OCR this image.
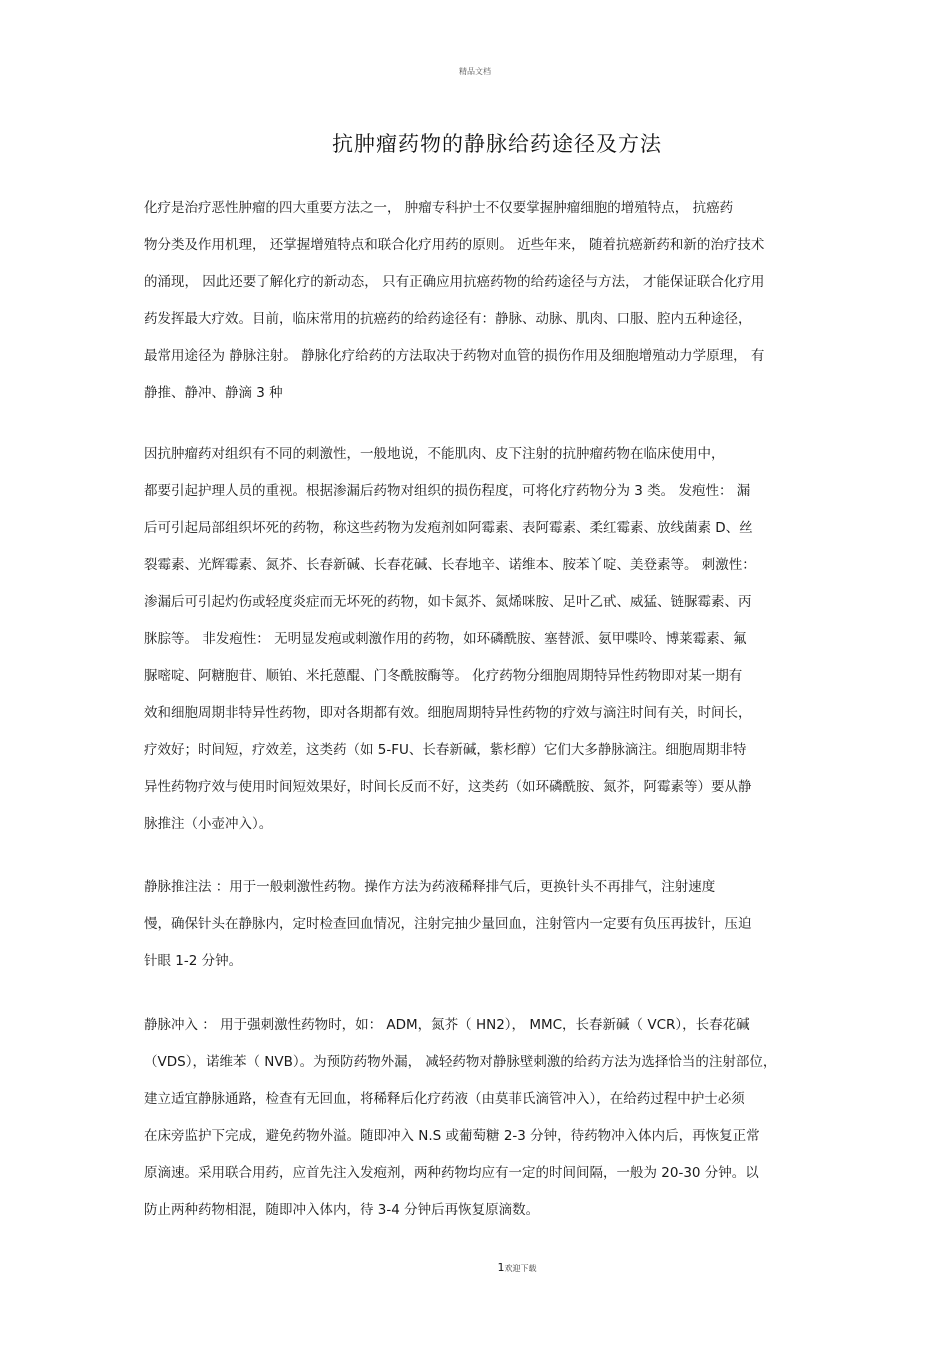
精品文档
抗肿瘤药物的静脉给药途径及方法
化疗是治疗恶性肿瘤的四大重要方法之一， 肿瘤专科护士不仅要掌握肿瘤细胞的增殖特点， 抗癌药
物分类及作用机理， 还掌握增殖特点和联合化疗用药的原则。 近些年来， 随着抗癌新药和新的治疗技术
的涌现， 因此还要了解化疗的新动态， 只有正确应用抗癌药物的给药途径与方法， 才能保证联合化疗用
药发挥最大疗效。目前，临床常用的抗癌药的给药途径有：静脉、动脉、肌肉、口服、腔内五种途径，
最常用途径为 静脉注射。 静脉化疗给药的方法取决于药物对血管的损伤作用及细胞增殖动力学原理， 有
静推、静冲、静滴 3 种
因抗肿瘤药对组织有不同的刺激性，一般地说，不能肌肉、皮下注射的抗肿瘤药物在临床使用中，
都要引起护理人员的重视。根据渗漏后药物对组织的损伤程度，可将化疗药物分为 3 类。 发疱性： 漏
后可引起局部组织坏死的药物，称这些药物为发疱剂如阿霉素、表阿霉素、柔红霉素、放线菌素 D、丝
裂霉素、光辉霉素、氮芥、长春新碱、长春花碱、长春地辛、诺维本、胺苯丫啶、美登素等。 刺激性：
渗漏后可引起灼伤或轻度炎症而无坏死的药物，如卡氮芥、氮烯咪胺、足叶乙甙、威猛、链脲霉素、丙
脒腙等。 非发疱性： 无明显发疱或刺激作用的药物，如环磷酰胺、塞替派、氨甲喋呤、博莱霉素、氟
脲嘧啶、阿糖胞苷、顺铂、米托蒽醌、门冬酰胺酶等。 化疗药物分细胞周期特异性药物即对某一期有
效和细胞周期非特异性药物，即对各期都有效。细胞周期特异性药物的疗效与滴注时间有关，时间长，
疗效好；时间短，疗效差，这类药（如 5-FU、长春新碱，紫杉醇）它们大多静脉滴注。细胞周期非特
异性药物疗效与使用时间短效果好，时间长反而不好，这类药（如环磷酰胺、氮芥，阿霉素等）要从静
脉推注（小壶冲入）。
静脉推注法 ：用于一般刺激性药物。操作方法为药液稀释排气后，更换针头不再排气，注射速度
慢，确保针头在静脉内，定时检查回血情况，注射完抽少量回血，注射管内一定要有负压再拔针，压迫
针眼 1-2 分钟。
静脉冲入 ： 用于强刺激性药物时，如： ADM，氮芥（ HN2）， MMC，长春新碱（ VCR），长春花碱
（VDS），诺维苯（ NVB）。为预防药物外漏， 减轻药物对静脉壁刺激的给药方法为选择恰当的注射部位，
建立适宜静脉通路，检查有无回血，将稀释后化疗药液（由莫菲氏滴管冲入），在给药过程中护士必须
在床旁监护下完成，避免药物外溢。随即冲入 N.S 或葡萄糖 2-3 分钟，待药物冲入体内后，再恢复正常
原滴速。采用联合用药，应首先注入发疱剂，两种药物均应有一定的时间间隔，一般为 20-30 分钟。以
防止两种药物相混，随即冲入体内，待 3-4 分钟后再恢复原滴数。
1欢迎下载
